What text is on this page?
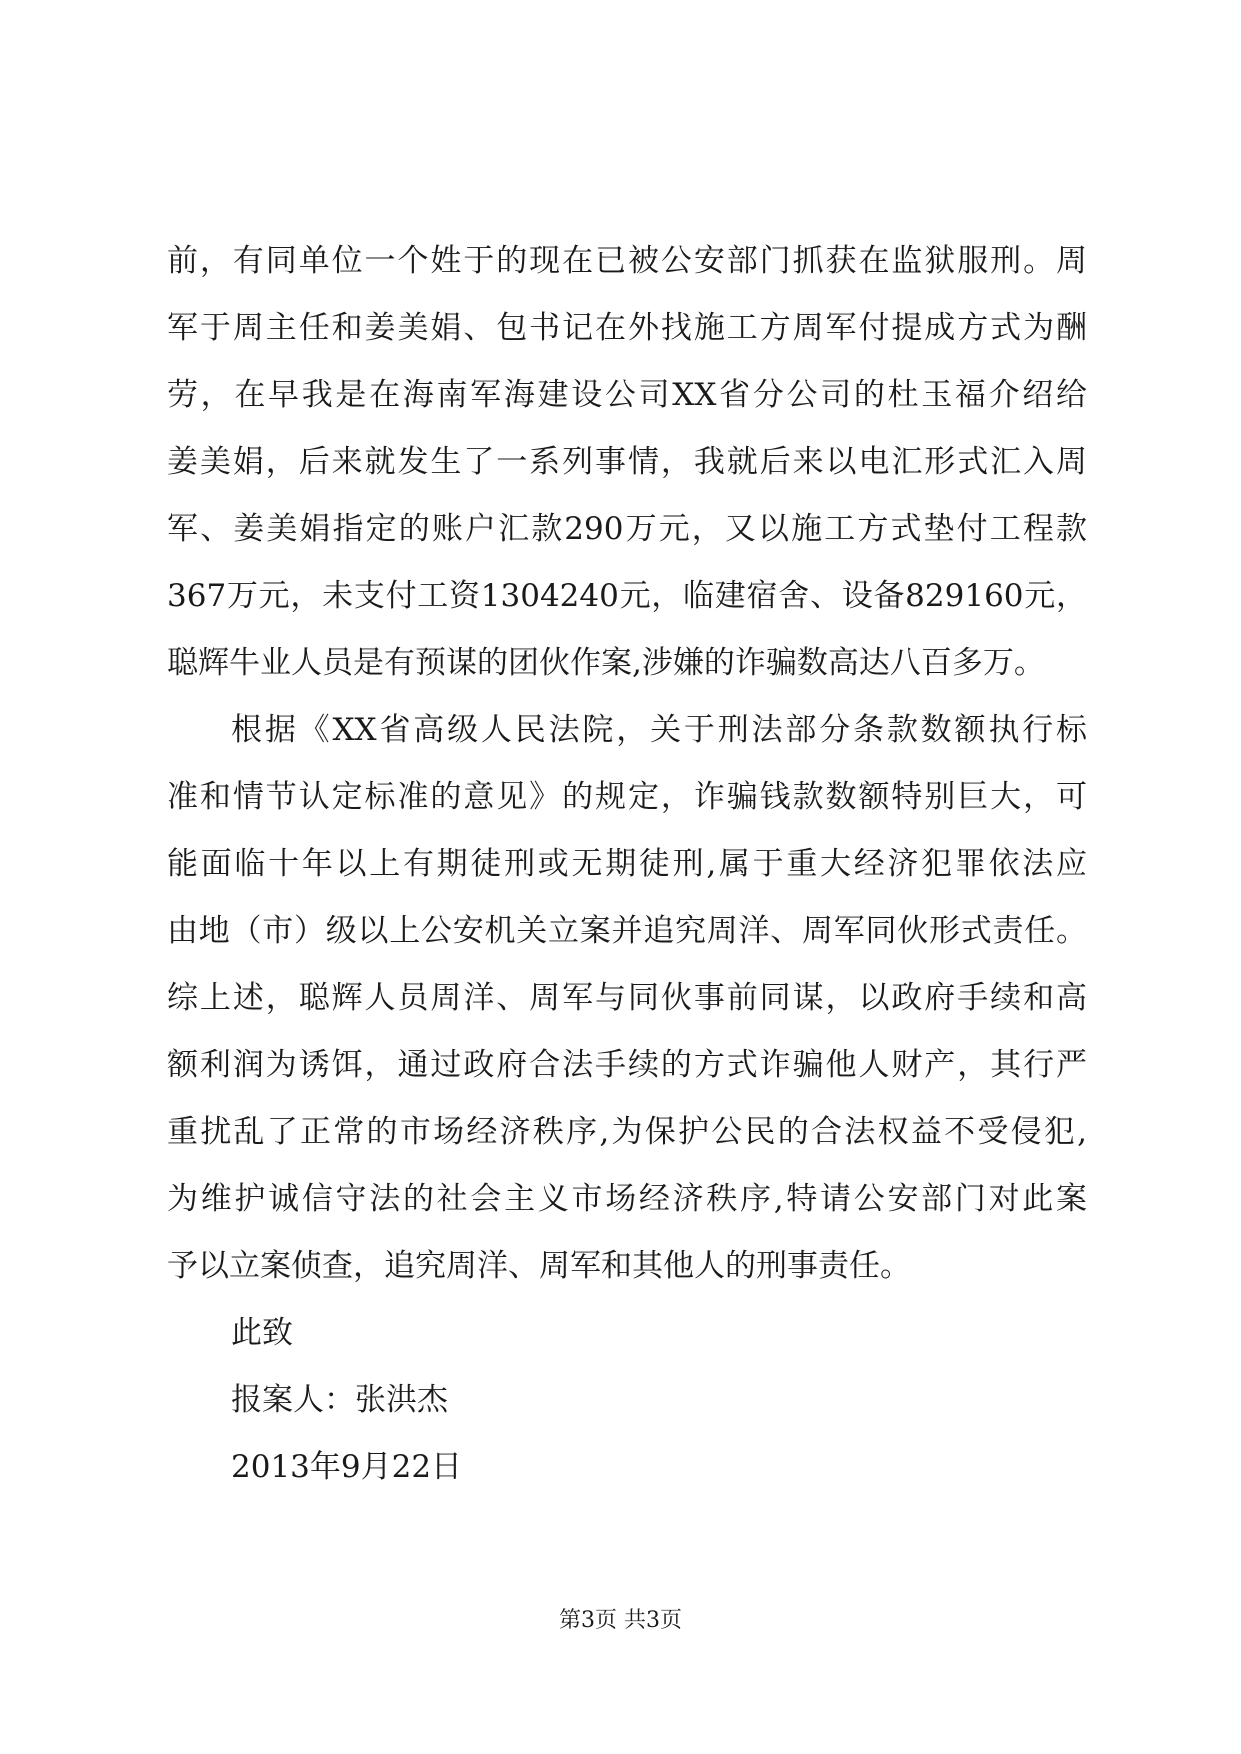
前，有同单位一个姓于的现在已被公安部门抓获在监狱服刑。周
军于周主任和姜美娟、包书记在外找施工方周军付提成方式为酬
劳，在早我是在海南军海建设公司XX省分公司的杜玉福介绍给
姜美娟，后来就发生了一系列事情，我就后来以电汇形式汇入周
军、姜美娟指定的账户汇款290万元，又以施工方式垫付工程款
367万元，未支付工资1304240元，临建宿舍、设备829160元，
聪辉牛业人员是有预谋的团伙作案,涉嫌的诈骗数高达八百多万。
根据《XX省高级人民法院，关于刑法部分条款数额执行标
准和情节认定标准的意见》的规定，诈骗钱款数额特别巨大，可
能面临十年以上有期徒刑或无期徒刑,属于重大经济犯罪依法应
由地（市）级以上公安机关立案并追究周洋、周军同伙形式责任。
综上述，聪辉人员周洋、周军与同伙事前同谋，以政府手续和高
额利润为诱饵，通过政府合法手续的方式诈骗他人财产，其行严
重扰乱了正常的市场经济秩序,为保护公民的合法权益不受侵犯,
为维护诚信守法的社会主义市场经济秩序,特请公安部门对此案
予以立案侦查，追究周洋、周军和其他人的刑事责任。
此致
报案人：张洪杰
2013年9月22日
第3页 共3页
